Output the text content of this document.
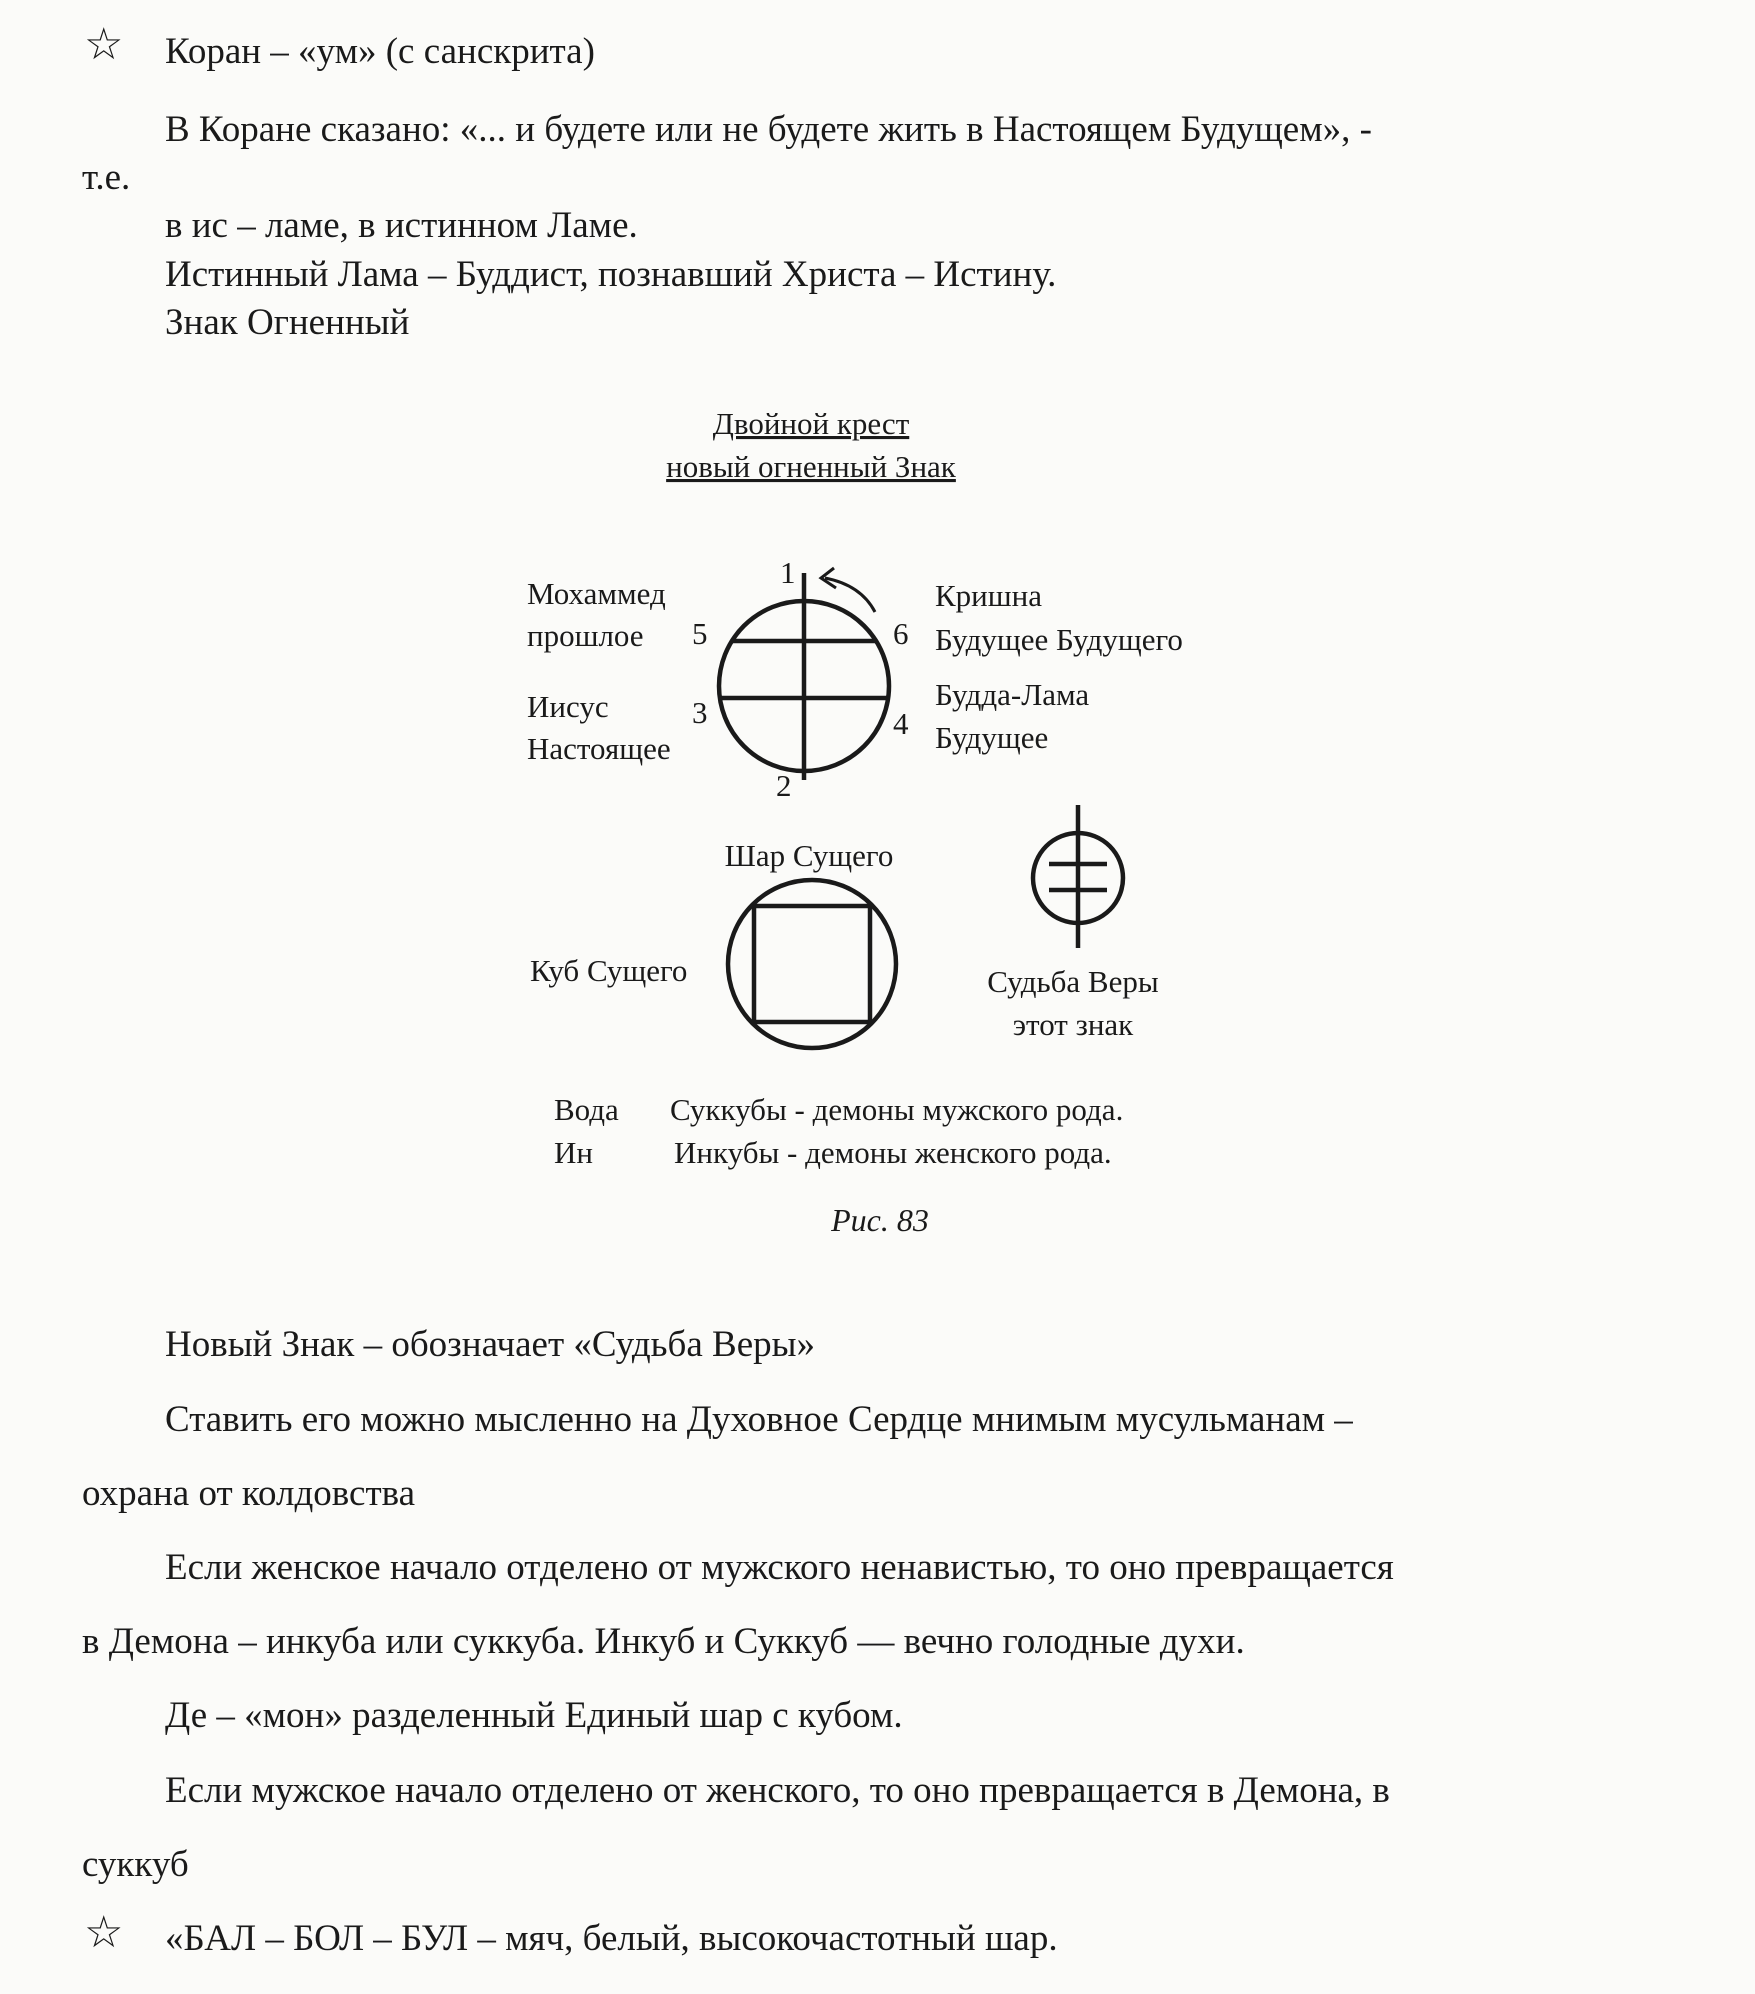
☆ Коран – «ум» (с санскрита)
В Коране сказано: «... и будете или не будете жить в Настоящем Будущем», -
т.е.
в ис – ламе, в истинном Ламе.
Истинный Лама – Буддист, познавший Христа – Истину.
Знак Огненный
Двойной крест
новый огненный Знак
1
2
3	4
5	6
Мохаммед
прошлое
Кришна
Будущее Будущего
Иисус
Настоящее
Будда-Лама
Будущее
Шар Сущего
Куб Сущего	Судьба Веры
этот знак
Вода Суккубы - демоны мужского рода.
Ин	Инкубы - демоны женского рода.
Рис. 83
Новый Знак – обозначает «Судьба Веры»
Ставить его можно мысленно на Духовное Сердце мнимым мусульманам –
охрана от колдовства
Если женское начало отделено от мужского ненавистью, то оно превращается
в Демона – инкуба или суккуба. Инкуб и Суккуб — вечно голодные духи.
Де – «мон» разделенный Единый шар с кубом.
Если мужское начало отделено от женского, то оно превращается в Демона, в
суккуб
☆ «БАЛ – БОЛ – БУЛ – мяч, белый, высокочастотный шар.
